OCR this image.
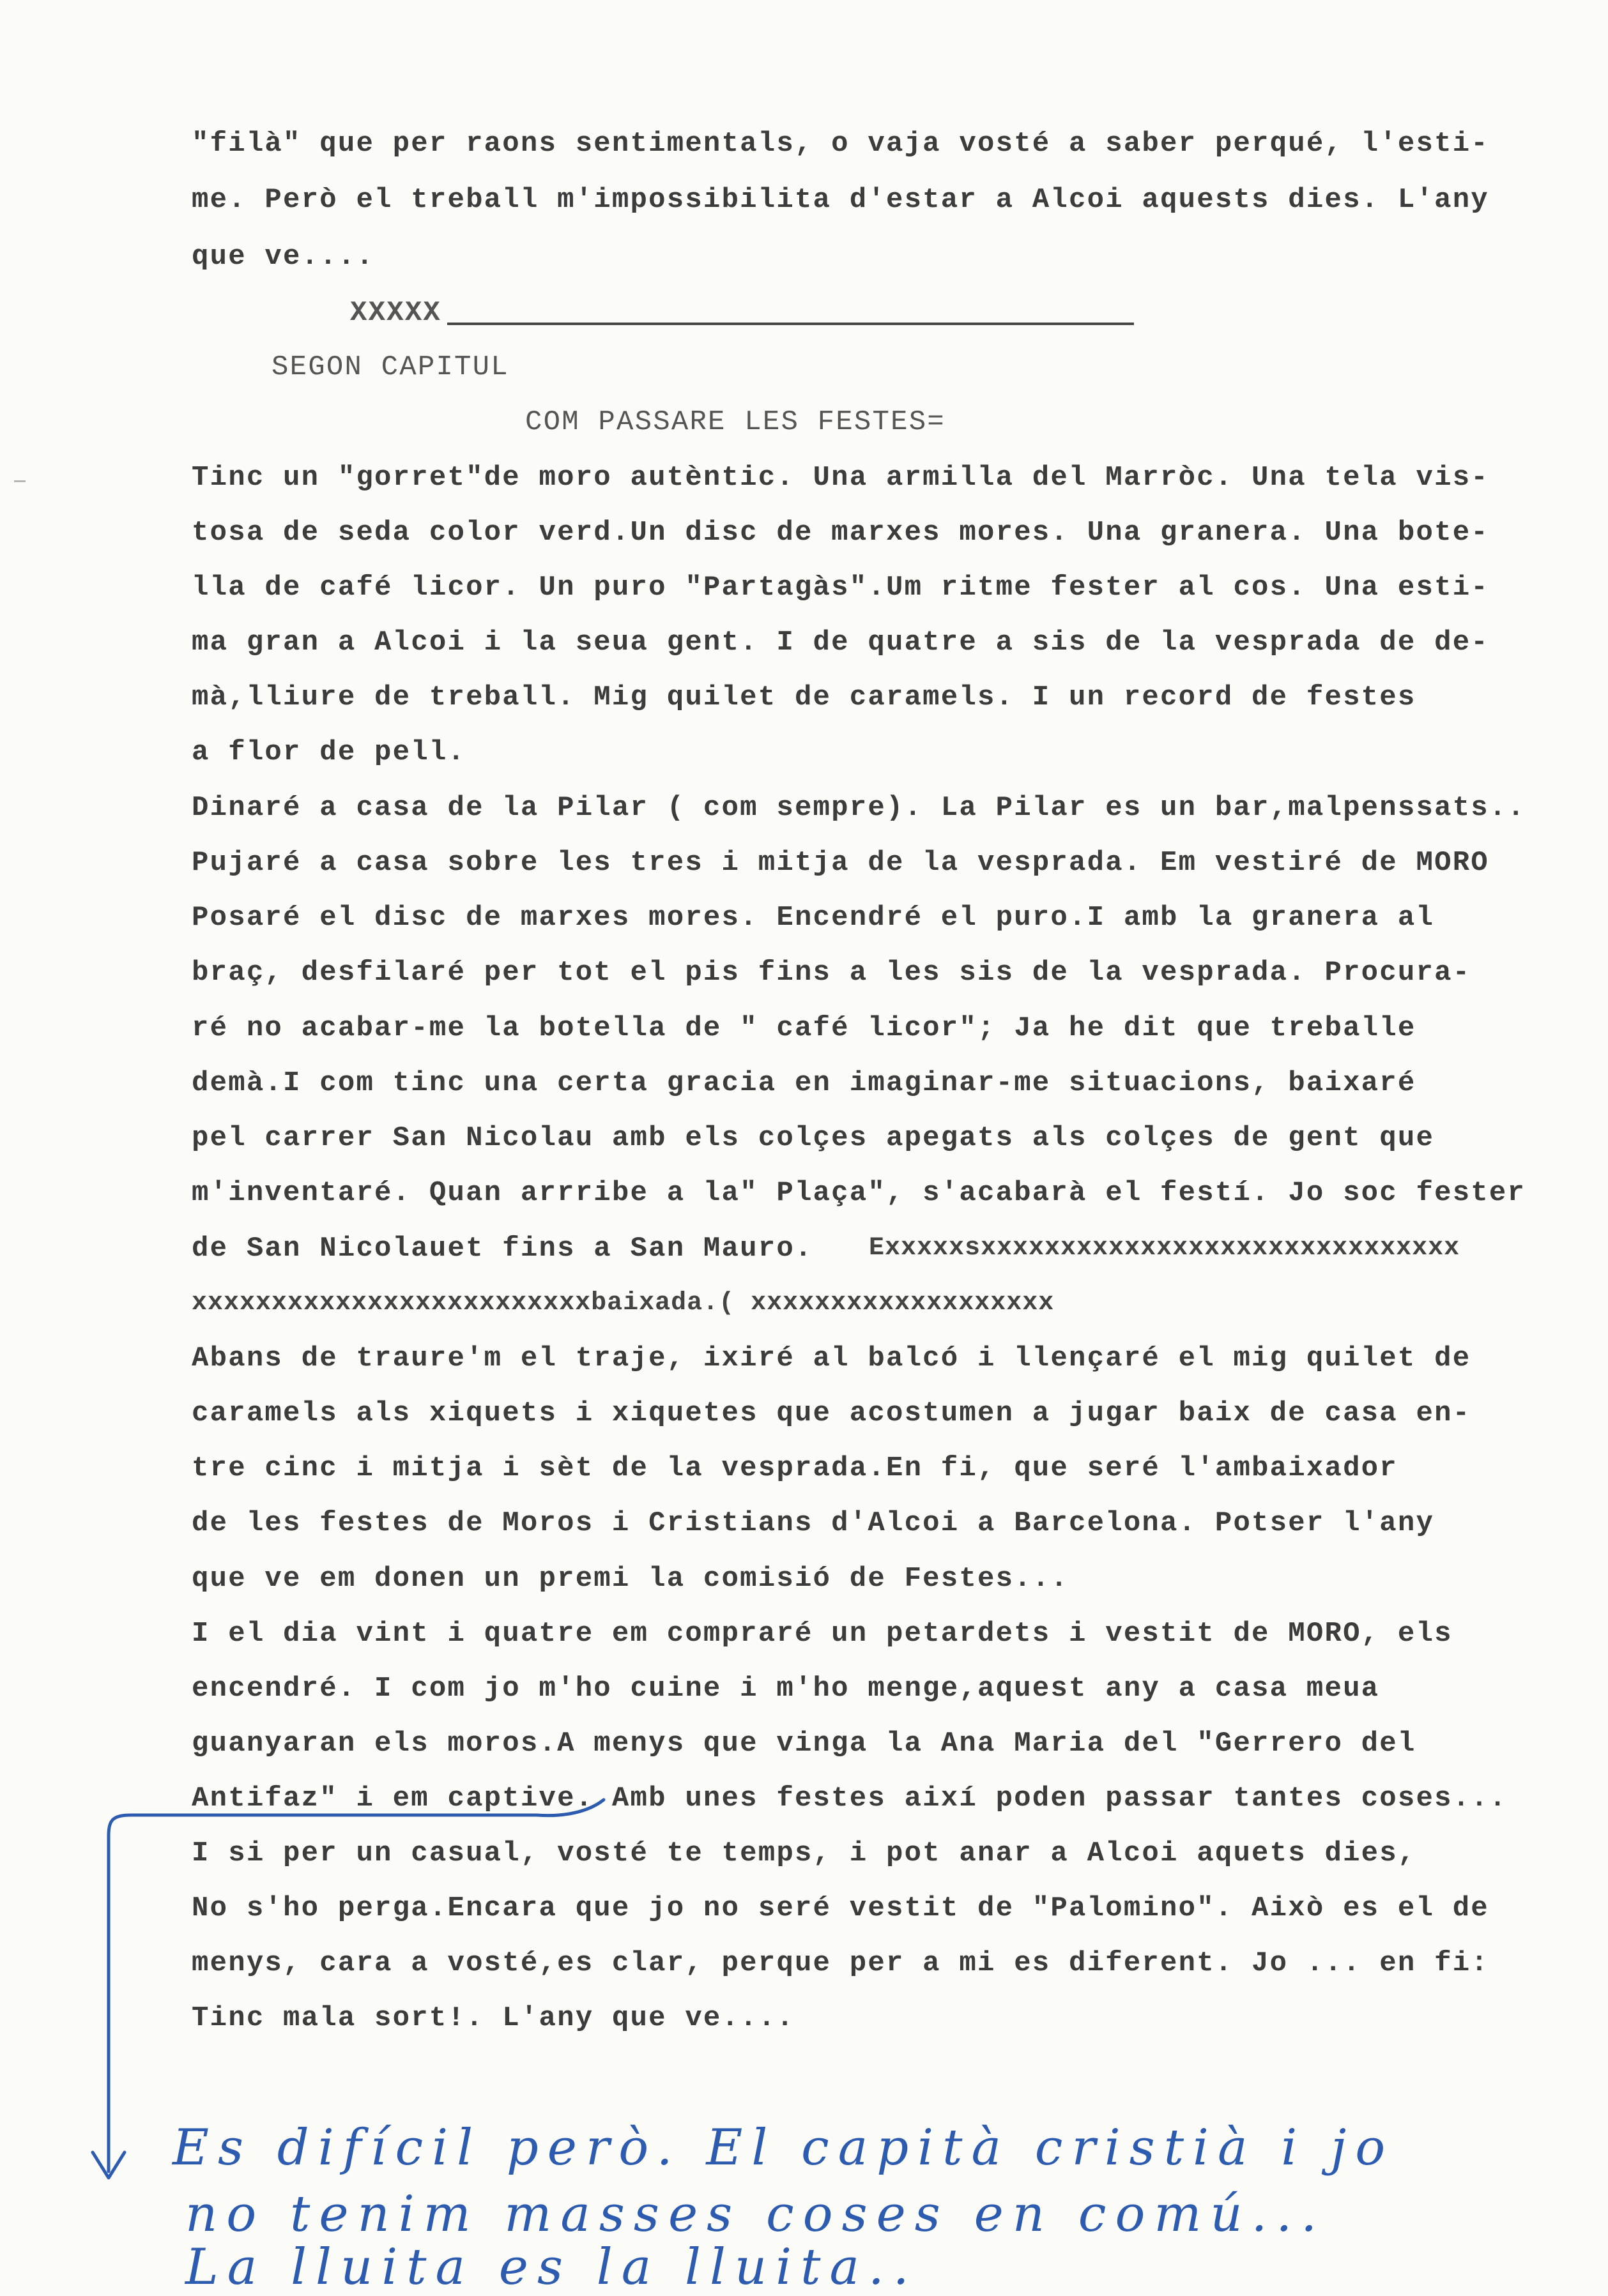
"filà" que per raons sentimentals, o vaja vosté a saber perqué, l'esti-
me. Però el treball m'impossibilita d'estar a Alcoi aquests dies. L'any
que ve....
XXXXX
SEGON CAPITUL
COM PASSARE LES FESTES=
Tinc un "gorret"de moro autèntic. Una armilla del Marròc. Una tela vis-
tosa de seda color verd.Un disc de marxes mores. Una granera. Una bote-
lla de café licor. Un puro "Partagàs".Um ritme fester al cos. Una esti-
ma gran a Alcoi i la seua gent. I de quatre a sis de la vesprada de de-
mà,lliure de treball. Mig quilet de caramels. I un record de festes
a flor de pell.
Dinaré a casa de la Pilar ( com sempre). La Pilar es un bar,malpenssats..
Pujaré a casa sobre les tres i mitja de la vesprada. Em vestiré de MORO
Posaré el disc de marxes mores. Encendré el puro.I amb la granera al
braç, desfilaré per tot el pis fins a les sis de la vesprada. Procura-
ré no acabar-me la botella de " café licor"; Ja he dit que treballe
demà.I com tinc una certa gracia en imaginar-me situacions, baixaré
pel carrer San Nicolau amb els colçes apegats als colçes de gent que
m'inventaré. Quan arrribe a la" Plaça", s'acabarà el festí. Jo soc fester
de San Nicolauet fins a San Mauro. Exxxxxsxxxxxxxxxxxxxxxxxxxxxxxxxxxxxx
xxxxxxxxxxxxxxxxxxxxxxxxxbaixada.( xxxxxxxxxxxxxxxxxxx
Abans de traure'm el traje, ixiré al balcó i llençaré el mig quilet de
caramels als xiquets i xiquetes que acostumen a jugar baix de casa en-
tre cinc i mitja i sèt de la vesprada.En fi, que seré l'ambaixador
de les festes de Moros i Cristians d'Alcoi a Barcelona. Potser l'any
que ve em donen un premi la comisió de Festes...
I el dia vint i quatre em compraré un petardets i vestit de MORO, els
encendré. I com jo m'ho cuine i m'ho menge,aquest any a casa meua
guanyaran els moros.A menys que vinga la Ana Maria del "Gerrero del
Antifaz" i em captive. Amb unes festes així poden passar tantes coses...
I si per un casual, vosté te temps, i pot anar a Alcoi aquets dies,
No s'ho perga.Encara que jo no seré vestit de "Palomino". Això es el de
menys, cara a vosté,es clar, perque per a mi es diferent. Jo ... en fi:
Tinc mala sort!. L'any que ve....
Es difícil però. El capità cristià i jo
no tenim masses coses en comú...
La lluita es la lluita..
